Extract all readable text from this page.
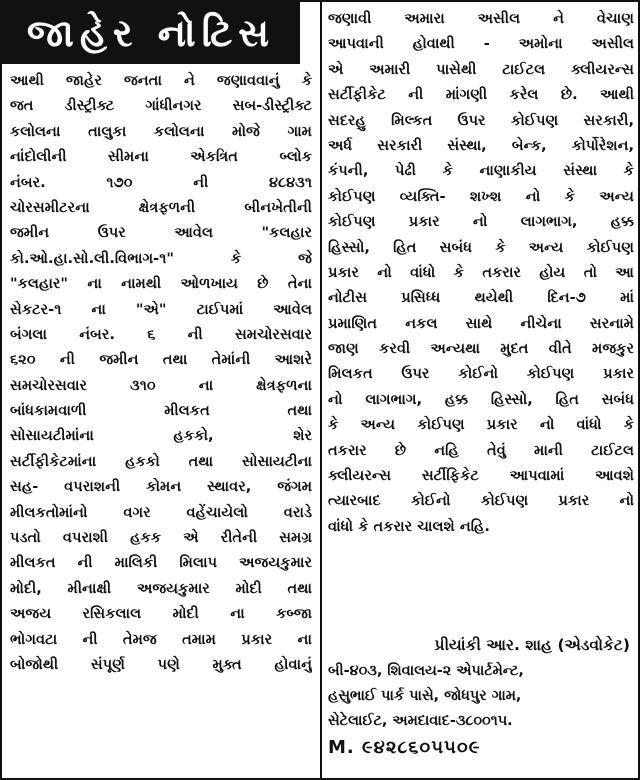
જાહેર નોટિસ
આથી જાહેર જનતા ને જણાવવાનું કે
જત ડીસ્ટ્રીક્ટ ગાંધીનગર સબ-ડીસ્ટ્રીક્ટ
કલોલના તાલુકા કલોલના મોજે ગામ
નાંદોલીની સીમના એકત્રિત બ્લોક
નંબર. ૧૭૦ ની ૪૮૪૩૧
ચોરસમીટરના ક્ષેત્રફળની બીનખેતીની
જમીન ઉપર આવેલ "કલહાર
કો.ઓ.હા.સો.લી.વિભાગ-૧" કે જે
"કલહાર" ના નામથી ઓળખાય છે તેના
સેકટર-૧ ના "એ" ટાઈપમાં આવેલ
બંગલા નંબર. ૬ ની સમચોરસવાર
૬૨૦ ની જમીન તથા તેમાંની આશરે
સમચોરસવાર ૩૧૦ ના ક્ષેત્રફળના
બાંધકામવાળી મીલકત તથા
સોસાયટીમાંના હકકો, શેર
સર્ટીફીકેટમાંના હકકો તથા સોસાયટીના
સહ- વપરાશની કોમન સ્થાવર, જંગમ
મીલકતોમાંનો વગર વહેંચાયેલો વરાડે
પડતો વપરાશી હકક એ રીતેની સમગ્ર
મીલકત ની માલિકી મિલાપ અજયકુમાર
મોદી, મીનાક્ષી અજયકુમાર મોદી તથા
અજય રસિકલાલ મોદી ના કબ્જા
ભોગવટા ની તેમજ તમામ પ્રકાર ના
બોજોથી સંપૂર્ણ પણે મુક્ત હોવાનું
જણાવી અમારા અસીલ ને વેચાણ
આપવાની હોવાથી - અમોના અસીલ
એ અમારી પાસેથી ટાઈટલ ક્લીયરન્સ
સર્ટીફીકેટ ની માંગણી કરેલ છે. આથી
સદરહુ મિલ્કત ઉપર કોઈપણ સરકારી,
અર્ધ સરકારી સંસ્થા, બેન્ક, કોર્પોરેશન,
કંપની, પેઢી કે નાણાકીય સંસ્થા કે
કોઈપણ વ્યક્તિ- શખ્શ નો કે અન્ય
કોઈપણ પ્રકાર નો લાગભાગ, હક્ક
હિસ્સો, હિત સબંધ કે અન્ય કોઈપણ
પ્રકાર નો વાંધો કે તકરાર હોય તો આ
નોટીસ પ્રસિધ્ધ થયેથી દિન-૭ માં
પ્રમાણિત નકલ સાથે નીચેના સરનામે
જાણ કરવી અન્યથા મુદત વીતે મજકુર
મિલકત ઉપર કોઈનો કોઈપણ પ્રકાર
નો લાગભાગ, હક્ક હિસ્સો, હિત સબંધ
કે અન્ય કોઈપણ પ્રકાર નો વાંધો કે
તકરાર છે નહિ તેવું માની ટાઈટલ
ક્લીયરન્સ સર્ટીફિકેટ આપવામાં આવશે
ત્યારબાદ કોઈનો કોઈપણ પ્રકાર નો
વાંધો કે તકરાર ચાલશે નહિ.
પ્રીયાંકી આર. શાહ (એડવોકેટ)
બી-૪૦૩, શિવાલય-૨ એપાર્ટમેન્ટ,
હસુભાઈ પાર્ક પાસે, જોધપુર ગામ,
સેટેલાઈટ, અમદાવાદ-૩૮૦૦૧૫.
M. ૯૪૨૮૬૦૫૫૦૯
